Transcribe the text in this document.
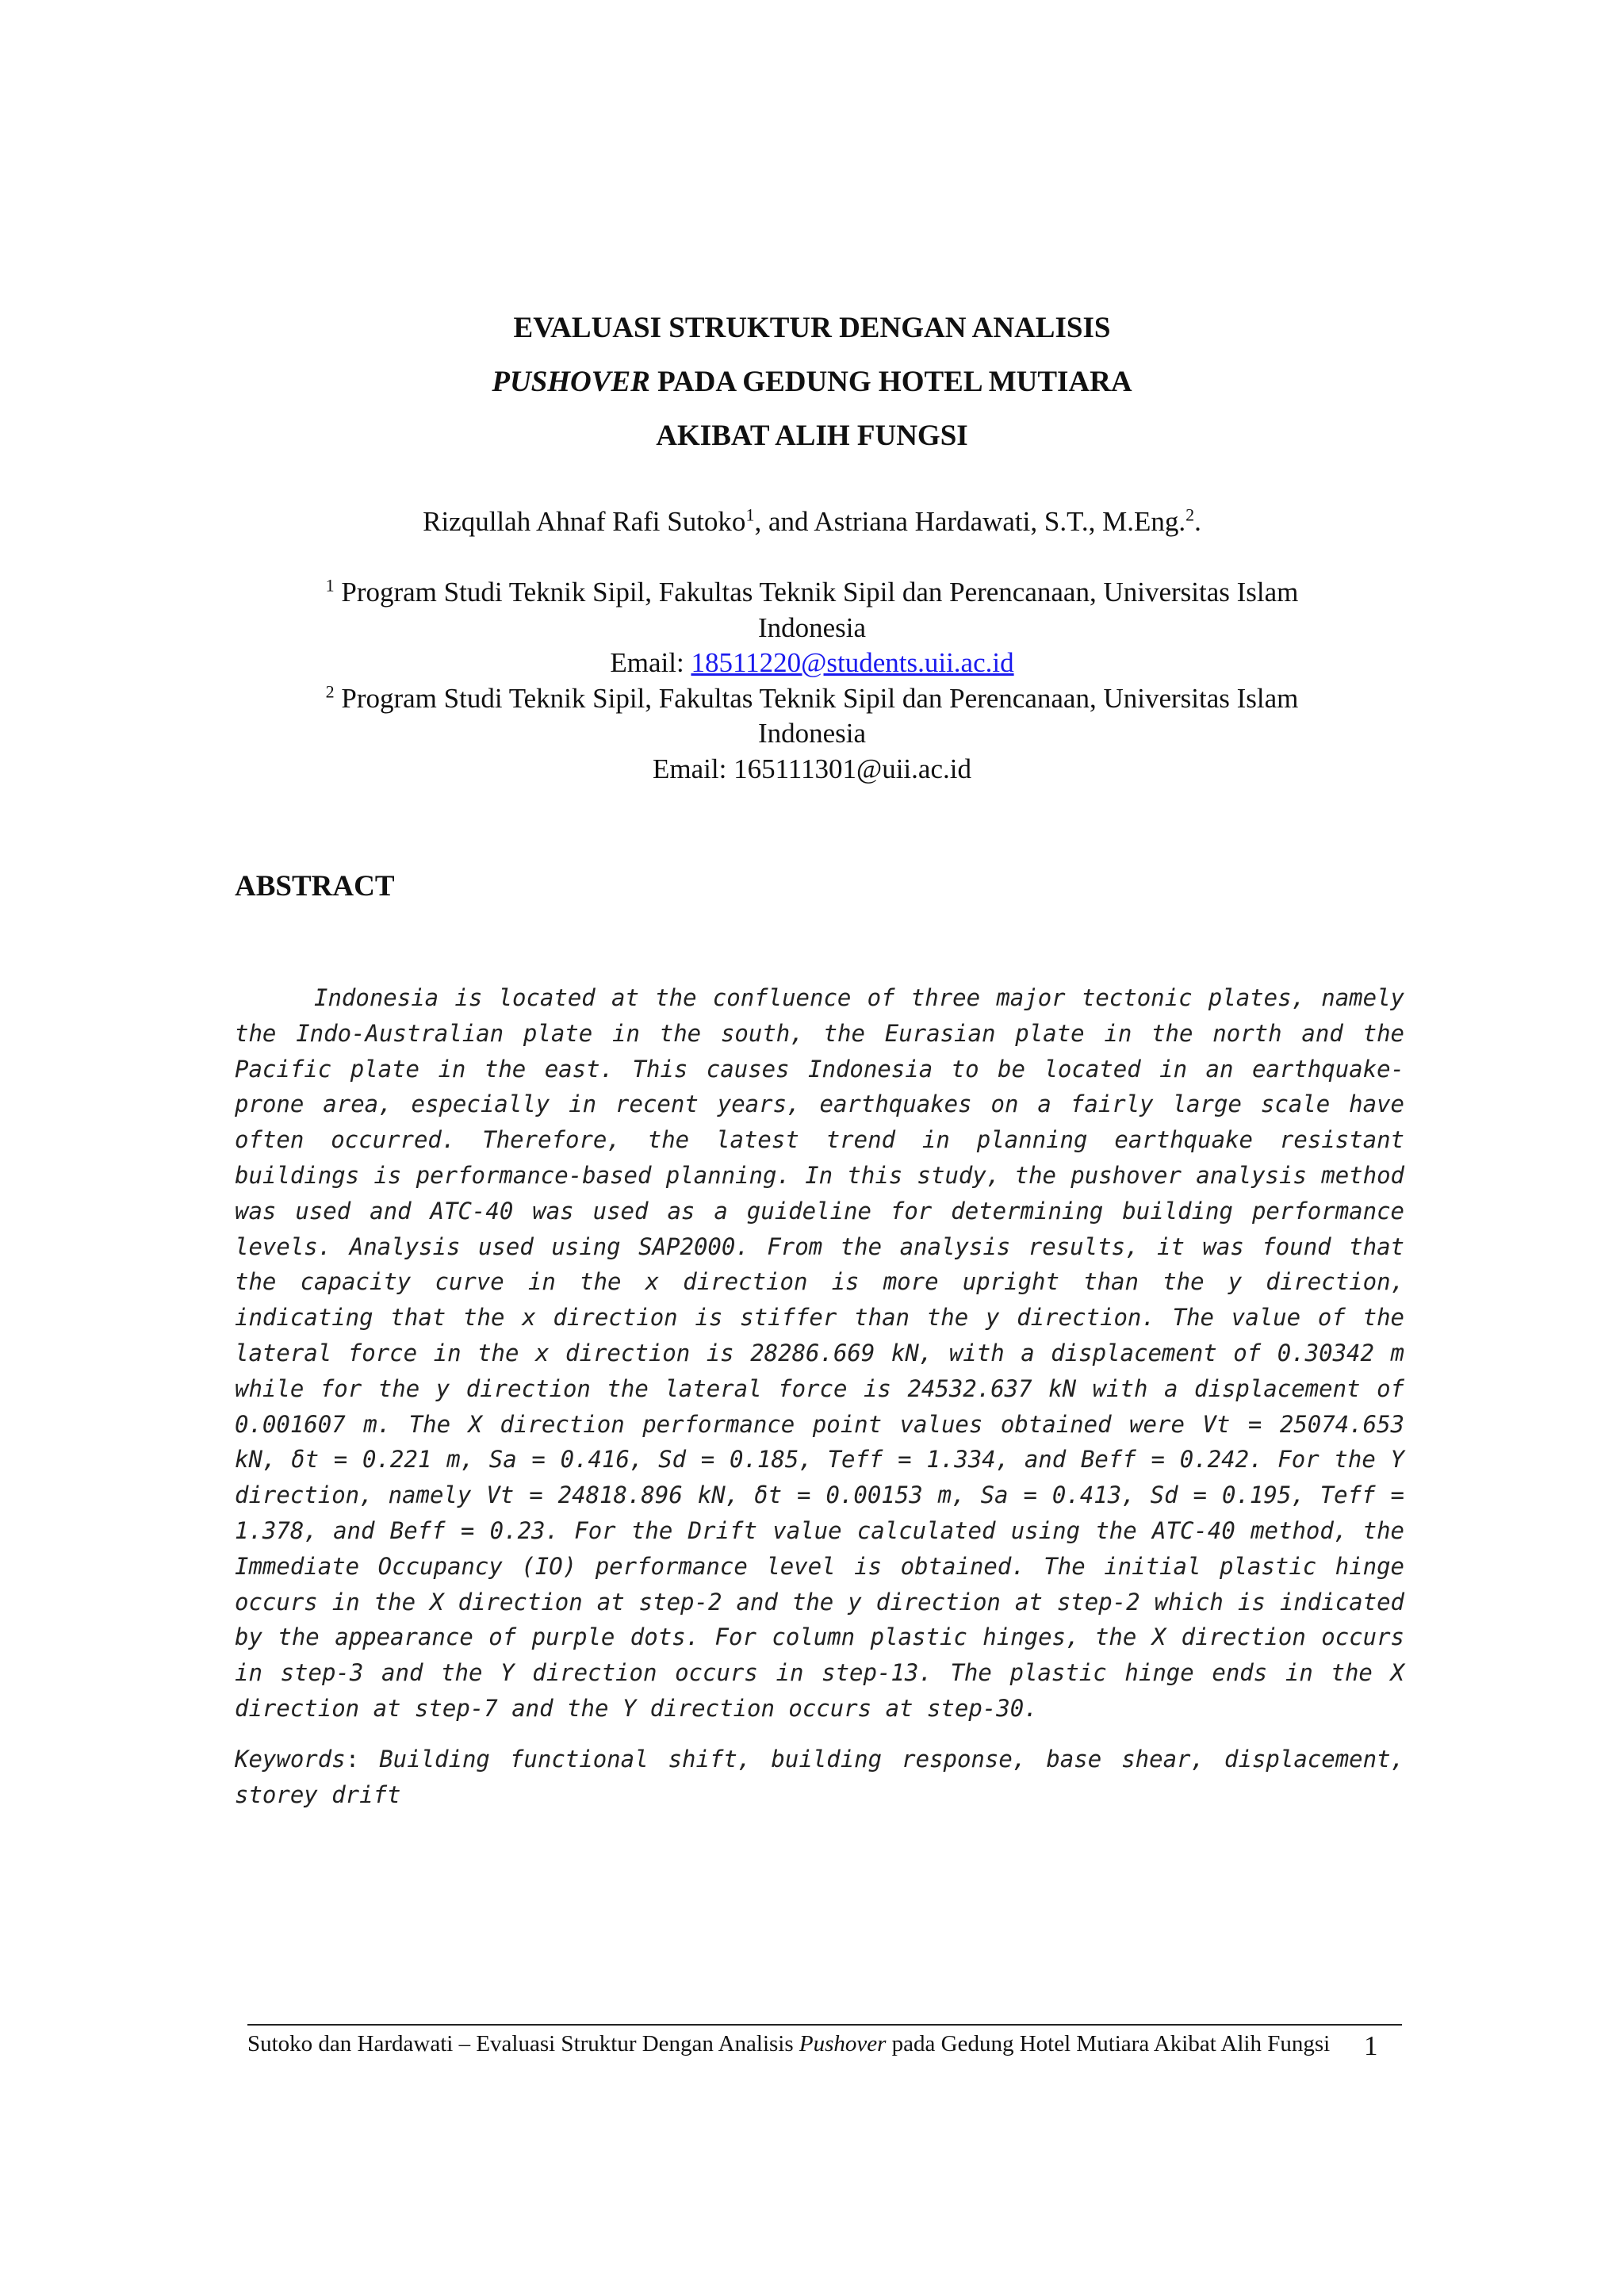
EVALUASI STRUKTUR DENGAN ANALISIS
PUSHOVER PADA GEDUNG HOTEL MUTIARA
AKIBAT ALIH FUNGSI
Rizqullah Ahnaf Rafi Sutoko$^1$, and Astriana Hardawati, S.T., M.Eng.$^2$.
$^1$ Program Studi Teknik Sipil, Fakultas Teknik Sipil dan Perencanaan, Universitas Islam
Indonesia
Email: 18511220@students.uii.ac.id
$^2$ Program Studi Teknik Sipil, Fakultas Teknik Sipil dan Perencanaan, Universitas Islam
Indonesia
Email: 165111301@uii.ac.id
ABSTRACT

Indonesia is located at the confluence of three major tectonic plates, namely the Indo-Australian plate in the south, the Eurasian plate in the north and the Pacific plate in the east. This causes Indonesia to be located in an earthquake-prone area, especially in recent years, earthquakes on a fairly large scale have often occurred. Therefore, the latest trend in planning earthquake resistant buildings is performance-based planning. In this study, the pushover analysis method was used and ATC-40 was used as a guideline for determining building performance levels. Analysis used using SAP2000. From the analysis results, it was found that the capacity curve in the x direction is more upright than the y direction, indicating that the x direction is stiffer than the y direction. The value of the lateral force in the x direction is 28286.669 kN, with a displacement of 0.30342 m while for the y direction the lateral force is 24532.637 kN with a displacement of 0.001607 m. The X direction performance point values obtained were Vt = 25074.653 kN, δt = 0.221 m, Sa = 0.416, Sd = 0.185, Teff = 1.334, and Beff = 0.242. For the Y direction, namely Vt = 24818.896 kN, δt = 0.00153 m, Sa = 0.413, Sd = 0.195, Teff = 1.378, and Beff = 0.23. For the Drift value calculated using the ATC-40 method, the Immediate Occupancy (IO) performance level is obtained. The initial plastic hinge occurs in the X direction at step-2 and the y direction at step-2 which is indicated by the appearance of purple dots. For column plastic hinges, the X direction occurs in step-3 and the Y direction occurs in step-13. The plastic hinge ends in the X direction at step-7 and the Y direction occurs at step-30.

Keywords: Building functional shift, building response, base shear, displacement, storey drift

Sutoko dan Hardawati – Evaluasi Struktur Dengan Analisis Pushover pada Gedung Hotel Mutiara Akibat Alih Fungsi	1
